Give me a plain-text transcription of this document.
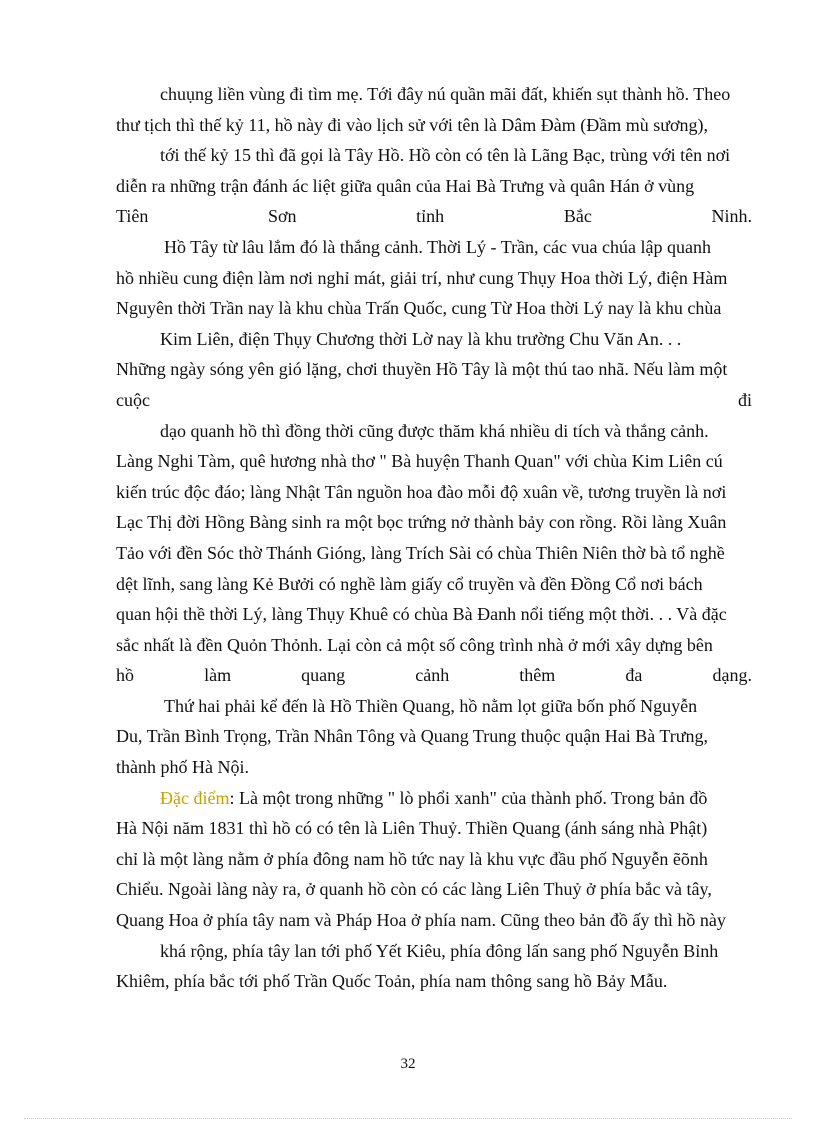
chuụng liền vùng đi tìm mẹ. Tới đây nú quần mãi đất, khiến sụt thành hồ. Theo
thư tịch thì thế kỷ 11, hồ này đi vào lịch sử với tên là Dâm Đàm (Đầm mù sương),
tới thế kỷ 15 thì đã gọi là Tây Hồ. Hồ còn có tên là Lãng Bạc, trùng với tên nơi
diễn ra những trận đánh ác liệt giữa quân của Hai Bà Trưng và quân Hán ở vùng
Tiên	Sơn	tỉnh	Bắc	Ninh.
Hồ Tây từ lâu lắm đó là thắng cảnh. Thời Lý - Trần, các vua chúa lập quanh
hồ nhiều cung điện làm nơi nghỉ mát, giải trí, như cung Thụy Hoa thời Lý, điện Hàm
Nguyên thời Trần nay là khu chùa Trấn Quốc, cung Từ Hoa thời Lý nay là khu chùa
Kim Liên, điện Thụy Chương thời Lờ nay là khu trường Chu Văn An. . .
Những ngày sóng yên gió lặng, chơi thuyền Hồ Tây là một thú tao nhã. Nếu làm một
cuộc	đi
dạo quanh hồ thì đồng thời cũng được thăm khá nhiều di tích và thắng cảnh.
Làng Nghi Tàm, quê hương nhà thơ " Bà huyện Thanh Quan" với chùa Kim Liên cú
kiến trúc độc đáo; làng Nhật Tân nguồn hoa đào mỗi độ xuân về, tương truyền là nơi
Lạc Thị đời Hồng Bàng sinh ra một bọc trứng nở thành bảy con rồng. Rồi làng Xuân
Tảo với đền Sóc thờ Thánh Gióng, làng Trích Sài có chùa Thiên Niên thờ bà tổ nghề
dệt lĩnh, sang làng Kẻ Bưởi có nghề làm giấy cổ truyền và đền Đồng Cổ nơi bách
quan hội thề thời Lý, làng Thụy Khuê có chùa Bà Đanh nổi tiếng một thời. . . Và đặc
sắc nhất là đền Quỏn Thỏnh. Lại còn cả một số công trình nhà ở mới xây dựng bên
hồ	làm	quang	cảnh	thêm	đa	dạng.
Thứ hai phải kể đến là Hồ Thiền Quang, hồ nằm lọt giữa bốn phố Nguyễn
Du, Trần Bình Trọng, Trần Nhân Tông và Quang Trung thuộc quận Hai Bà Trưng,
thành phố Hà Nội.
Đặc điểm: Là một trong những " lò phổi xanh" của thành phố. Trong bản đồ
Hà Nội năm 1831 thì hồ có có tên là Liên Thuỷ. Thiền Quang (ánh sáng nhà Phật)
chỉ là một làng nằm ở phía đông nam hồ tức nay là khu vực đầu phố Nguyễn ẽõnh
Chiểu. Ngoài làng này ra, ở quanh hồ còn có các làng Liên Thuỷ ở phía bắc và tây,
Quang Hoa ở phía tây nam và Pháp Hoa ở phía nam. Cũng theo bản đồ ấy thì hồ này
khá rộng, phía tây lan tới phố Yết Kiêu, phía đông lấn sang phố Nguyễn Bỉnh
Khiêm, phía bắc tới phố Trần Quốc Toản, phía nam thông sang hồ Bảy Mẫu.
32
